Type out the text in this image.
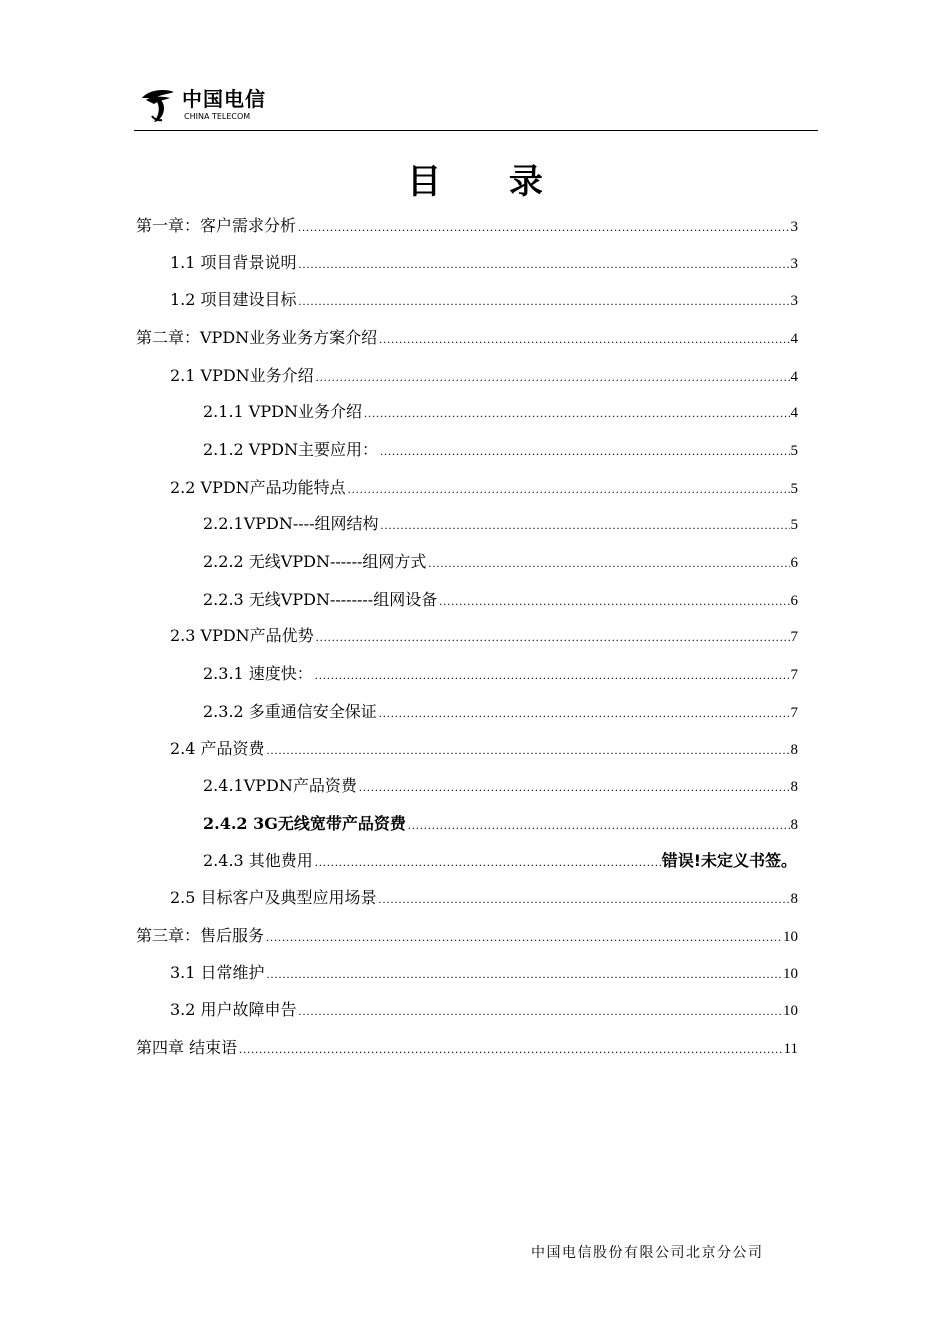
中国电信
CHINA TELECOM
目 录
第一章：客户需求分析 .....	3
1.1 项目背景说明 .....	3
1.2 项目建设目标 .....	3
第二章：VPDN业务业务方案介绍 .....	4
2.1 VPDN业务介绍 .....	4
2.1.1 VPDN业务介绍 .....	4
2.1.2 VPDN主要应用： .....	5
2.2 VPDN产品功能特点 .....	5
2.2.1VPDN----组网结构 .....	5
2.2.2 无线VPDN------组网方式 .....	6
2.2.3 无线VPDN--------组网设备 .....	6
2.3 VPDN产品优势 .....	7
2.3.1 速度快： .....	7
2.3.2 多重通信安全保证 .....	7
2.4 产品资费 .....	8
2.4.1VPDN产品资费 .....	8
2.4.2 3G无线宽带产品资费 .....	8
2.4.3 其他费用 .....	错误!未定义书签。
2.5 目标客户及典型应用场景 .....	8
第三章：售后服务 .....	10
3.1 日常维护 .....	10
3.2 用户故障申告 .....	10
第四章 结束语 .....	11
中国电信股份有限公司北京分公司
